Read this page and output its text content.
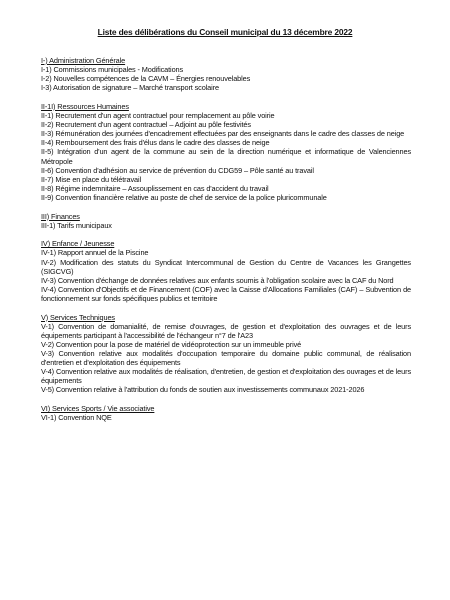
Liste des délibérations du Conseil municipal du 13 décembre 2022
I-) Administration Générale
I-1) Commissions municipales - Modifications
I-2) Nouvelles compétences de la CAVM – Énergies renouvelables
I-3) Autorisation de signature – Marché transport scolaire
II-1I) Ressources Humaines
II-1) Recrutement d'un agent contractuel pour remplacement au pôle voirie
II-2) Recrutement d'un agent contractuel – Adjoint au pôle festivités
II-3) Rémunération des journées d'encadrement effectuées par des enseignants dans le cadre des classes de neige
II-4) Remboursement des frais d'élus dans le cadre des classes de neige
II-5) Intégration d'un agent de la commune au sein de la direction numérique et informatique de Valenciennes Métropole
II-6) Convention d'adhésion au service de prévention du CDG59 – Pôle santé au travail
II-7) Mise en place du télétravail
II-8) Régime indemnitaire – Assouplissement en cas d'accident du travail
II-9) Convention financière relative au poste de chef de service de la police pluricommunale
III) Finances
III-1) Tarifs municipaux
IV) Enfance / Jeunesse
IV-1) Rapport annuel de la Piscine
IV-2) Modification des statuts du Syndicat Intercommunal de Gestion du Centre de Vacances les Grangettes (SIGCVG)
IV-3) Convention d'échange de données relatives aux enfants soumis à l'obligation scolaire avec la CAF du Nord
IV-4) Convention d'Objectifs et de Financement (COF) avec la Caisse d'Allocations Familiales (CAF) – Subvention de fonctionnement sur fonds spécifiques publics et territoire
V) Services Techniques
V-1) Convention de domanialité, de remise d'ouvrages, de gestion et d'exploitation des ouvrages et de leurs équipements participant à l'accessibilité de l'échangeur n°7 de l'A23
V-2) Convention pour la pose de matériel de vidéoprotection sur un immeuble privé
V-3) Convention relative aux modalités d'occupation temporaire du domaine public communal, de réalisation d'entretien et d'exploitation des équipements
V-4) Convention relative aux modalités de réalisation, d'entretien, de gestion et d'exploitation des ouvrages et de leurs équipements
V-5) Convention relative à l'attribution du fonds de soutien aux investissements communaux 2021-2026
VI) Services Sports / Vie associative
VI-1) Convention NQE
